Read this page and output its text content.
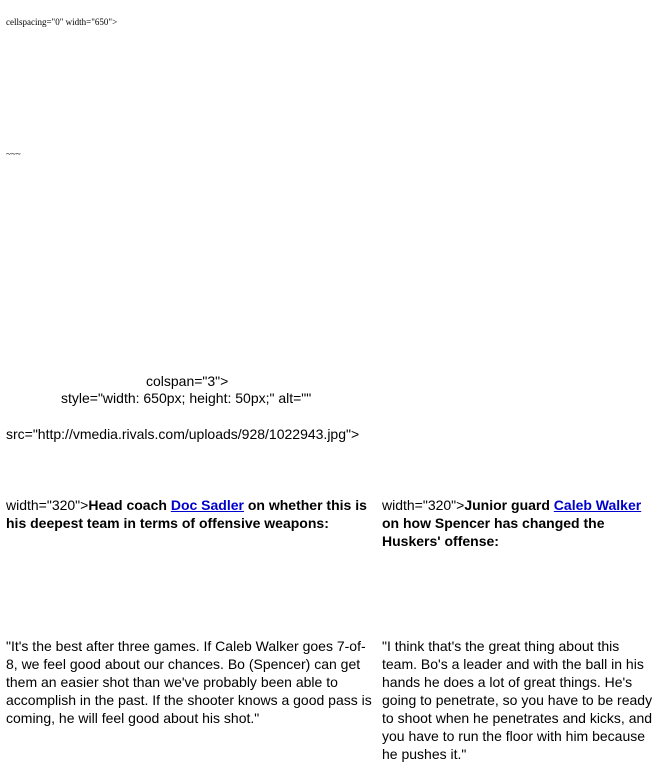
cellspacing="0" width="650">
~~~
colspan="3">
style="width: 650px; height: 50px;" alt=""
src="http://vmedia.rivals.com/uploads/928/1022943.jpg">
width="320">Head coach Doc Sadler on whether this is his deepest team in terms of offensive weapons:
width="320">Junior guard Caleb Walker on how Spencer has changed the Huskers' offense:
"It's the best after three games. If Caleb Walker goes 7-of-8, we feel good about our chances. Bo (Spencer) can get them an easier shot than we've probably been able to accomplish in the past. If the shooter knows a good pass is coming, he will feel good about his shot."
"I think that's the great thing about this team. Bo's a leader and with the ball in his hands he does a lot of great things. He's going to penetrate, so you have to be ready to shoot when he penetrates and kicks, and you have to run the floor with him because he pushes it."
